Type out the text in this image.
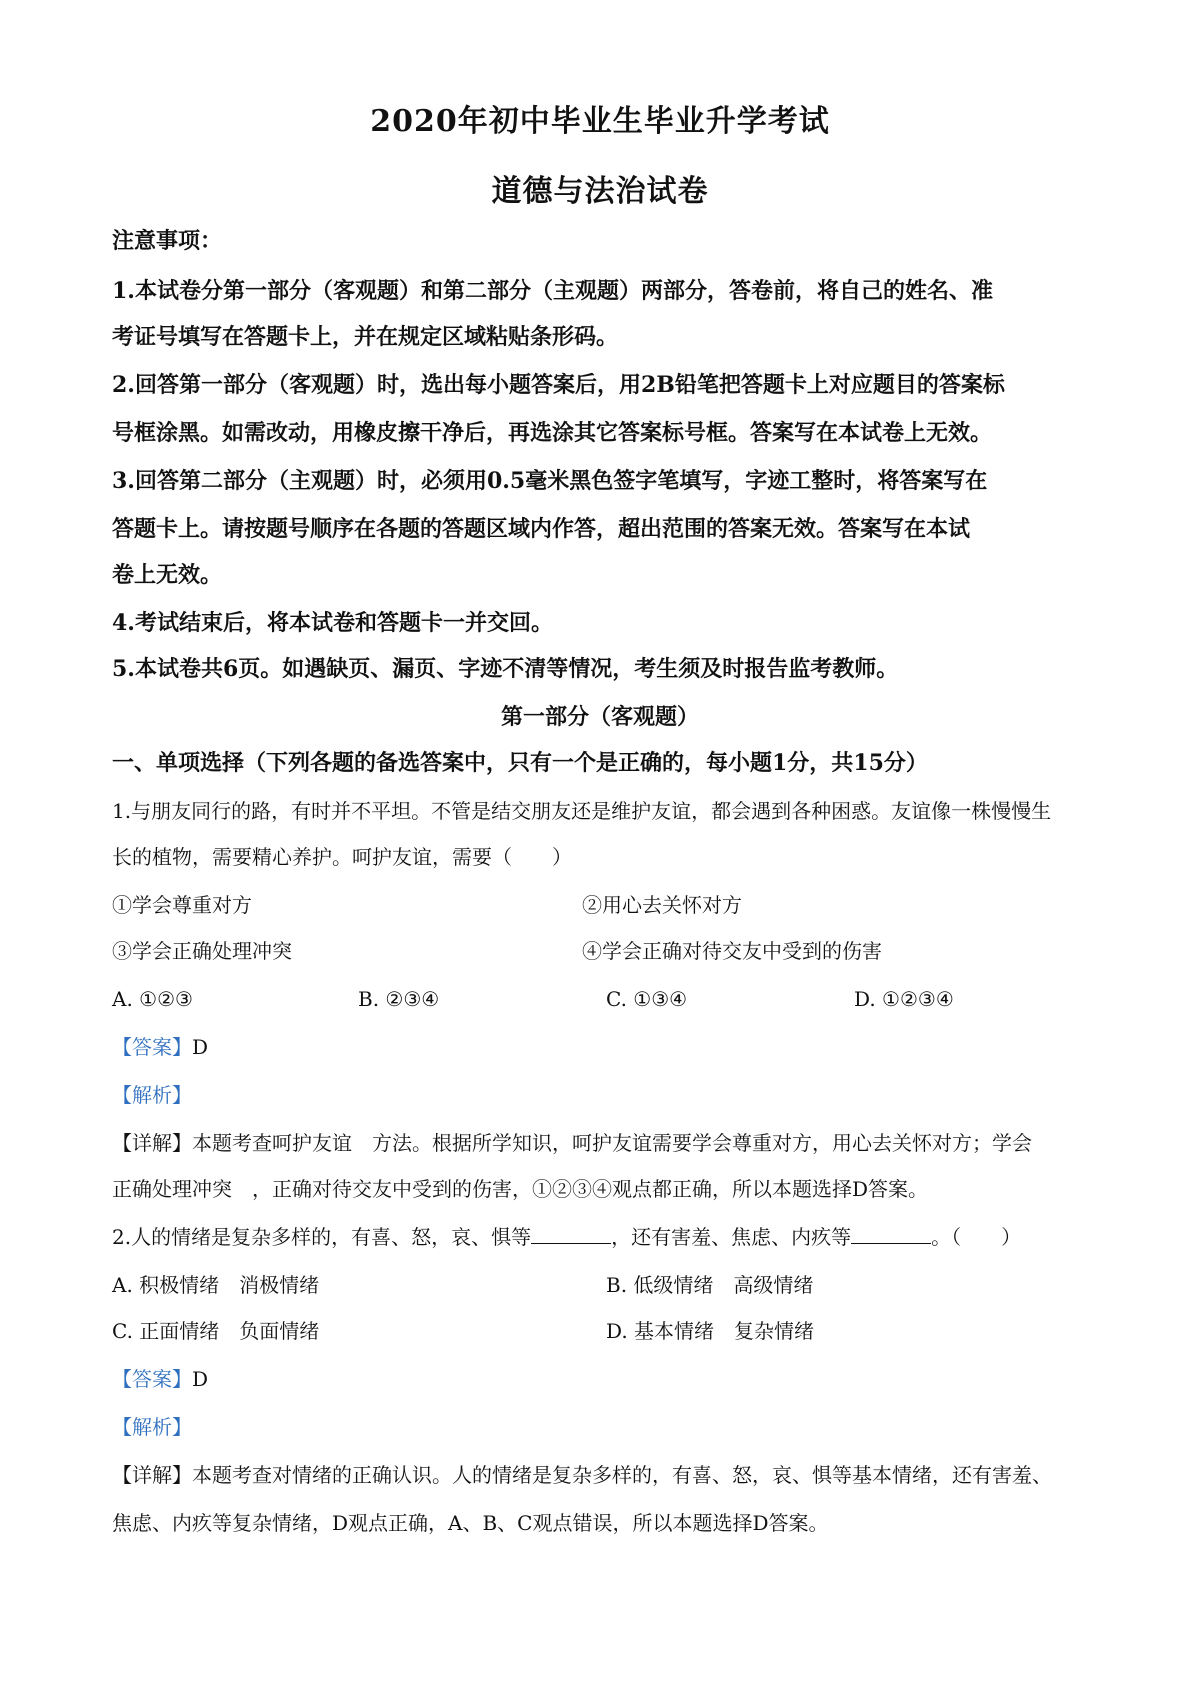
2020年初中毕业生毕业升学考试
道德与法治试卷
注意事项：
1.本试卷分第一部分（客观题）和第二部分（主观题）两部分，答卷前，将自己的姓名、准
考证号填写在答题卡上，并在规定区域粘贴条形码。
2.回答第一部分（客观题）时，选出每小题答案后，用2B铅笔把答题卡上对应题目的答案标
号框涂黑。如需改动，用橡皮擦干净后，再选涂其它答案标号框。答案写在本试卷上无效。
3.回答第二部分（主观题）时，必须用0.5毫米黑色签字笔填写，字迹工整时，将答案写在
答题卡上。请按题号顺序在各题的答题区域内作答，超出范围的答案无效。答案写在本试
卷上无效。
4.考试结束后，将本试卷和答题卡一并交回。
5.本试卷共6页。如遇缺页、漏页、字迹不清等情况，考生须及时报告监考教师。
第一部分（客观题）
一、单项选择（下列各题的备选答案中，只有一个是正确的，每小题1分，共15分）
1.与朋友同行的路，有时并不平坦。不管是结交朋友还是维护友谊，都会遇到各种困惑。友谊像一株慢慢生
长的植物，需要精心养护。呵护友谊，需要（　　）
①学会尊重对方	②用心去关怀对方
③学会正确处理冲突	④学会正确对待交友中受到的伤害
A. ①②③	B. ②③④	C. ①③④	D. ①②③④
【答案】D
【解析】
【详解】本题考查呵护友谊　方法。根据所学知识，呵护友谊需要学会尊重对方，用心去关怀对方；学会
正确处理冲突　，正确对待交友中受到的伤害，①②③④观点都正确，所以本题选择D答案。
2.人的情绪是复杂多样的，有喜、怒，哀、惧等	，还有害羞、焦虑、内疚等	。（　　）
A. 积极情绪　消极情绪	B. 低级情绪　高级情绪
C. 正面情绪　负面情绪	D. 基本情绪　复杂情绪
【答案】D
【解析】
【详解】本题考查对情绪的正确认识。人的情绪是复杂多样的，有喜、怒，哀、惧等基本情绪，还有害羞、
焦虑、内疚等复杂情绪，D观点正确，A、B、C观点错误，所以本题选择D答案。
